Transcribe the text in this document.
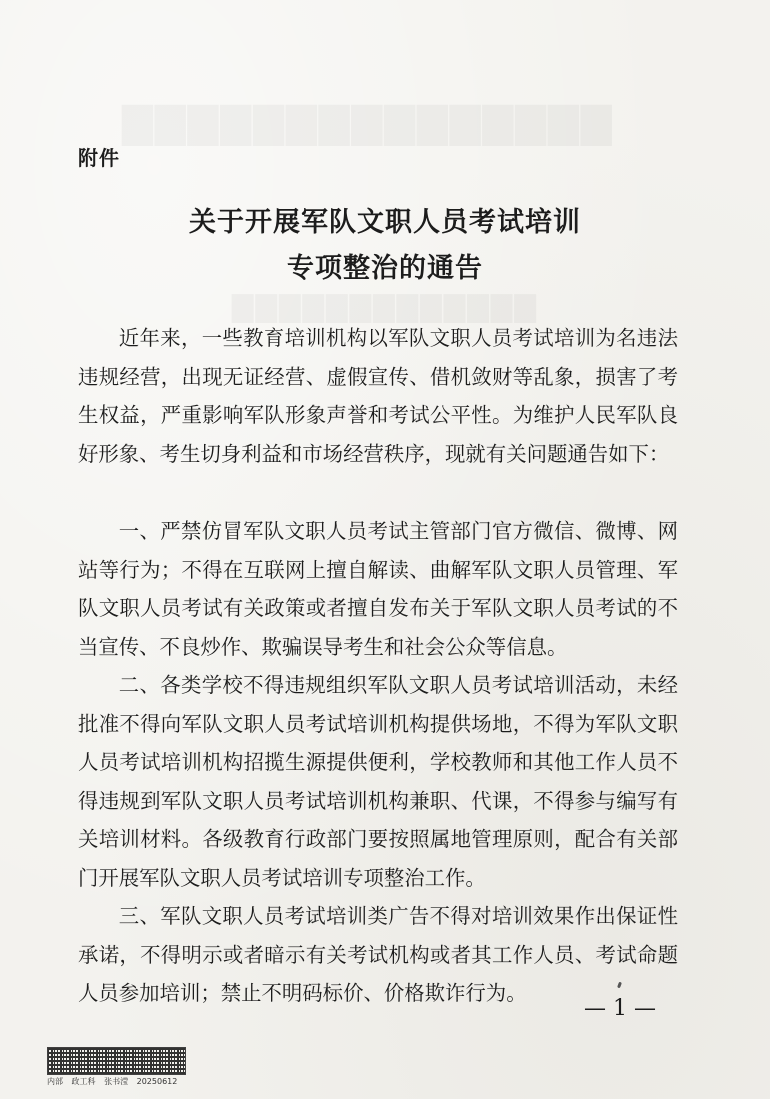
▇▇▇▇▇▇▇▇▇▇▇▇▇▇▇
▇▇▇▇▇▇▇▇▇▇▇▇▇
附件
关于开展军队文职人员考试培训
专项整治的通告

近年来，一些教育培训机构以军队文职人员考试培训为名违法违规经营，出现无证经营、虚假宣传、借机敛财等乱象，损害了考生权益，严重影响军队形象声誉和考试公平性。为维护人民军队良好形象、考生切身利益和市场经营秩序，现就有关问题通告如下：

一、严禁仿冒军队文职人员考试主管部门官方微信、微博、网站等行为；不得在互联网上擅自解读、曲解军队文职人员管理、军队文职人员考试有关政策或者擅自发布关于军队文职人员考试的不当宣传、不良炒作、欺骗误导考生和社会公众等信息。

二、各类学校不得违规组织军队文职人员考试培训活动，未经批准不得向军队文职人员考试培训机构提供场地，不得为军队文职人员考试培训机构招揽生源提供便利，学校教师和其他工作人员不得违规到军队文职人员考试培训机构兼职、代课，不得参与编写有关培训材料。各级教育行政部门要按照属地管理原则，配合有关部门开展军队文职人员考试培训专项整治工作。

三、军队文职人员考试培训类广告不得对培训效果作出保证性承诺，不得明示或者暗示有关考试机构或者其工作人员、考试命题人员参加培训；禁止不明码标价、价格欺诈行为。

— 1 —
内部 政工科 张书滢 20250612
